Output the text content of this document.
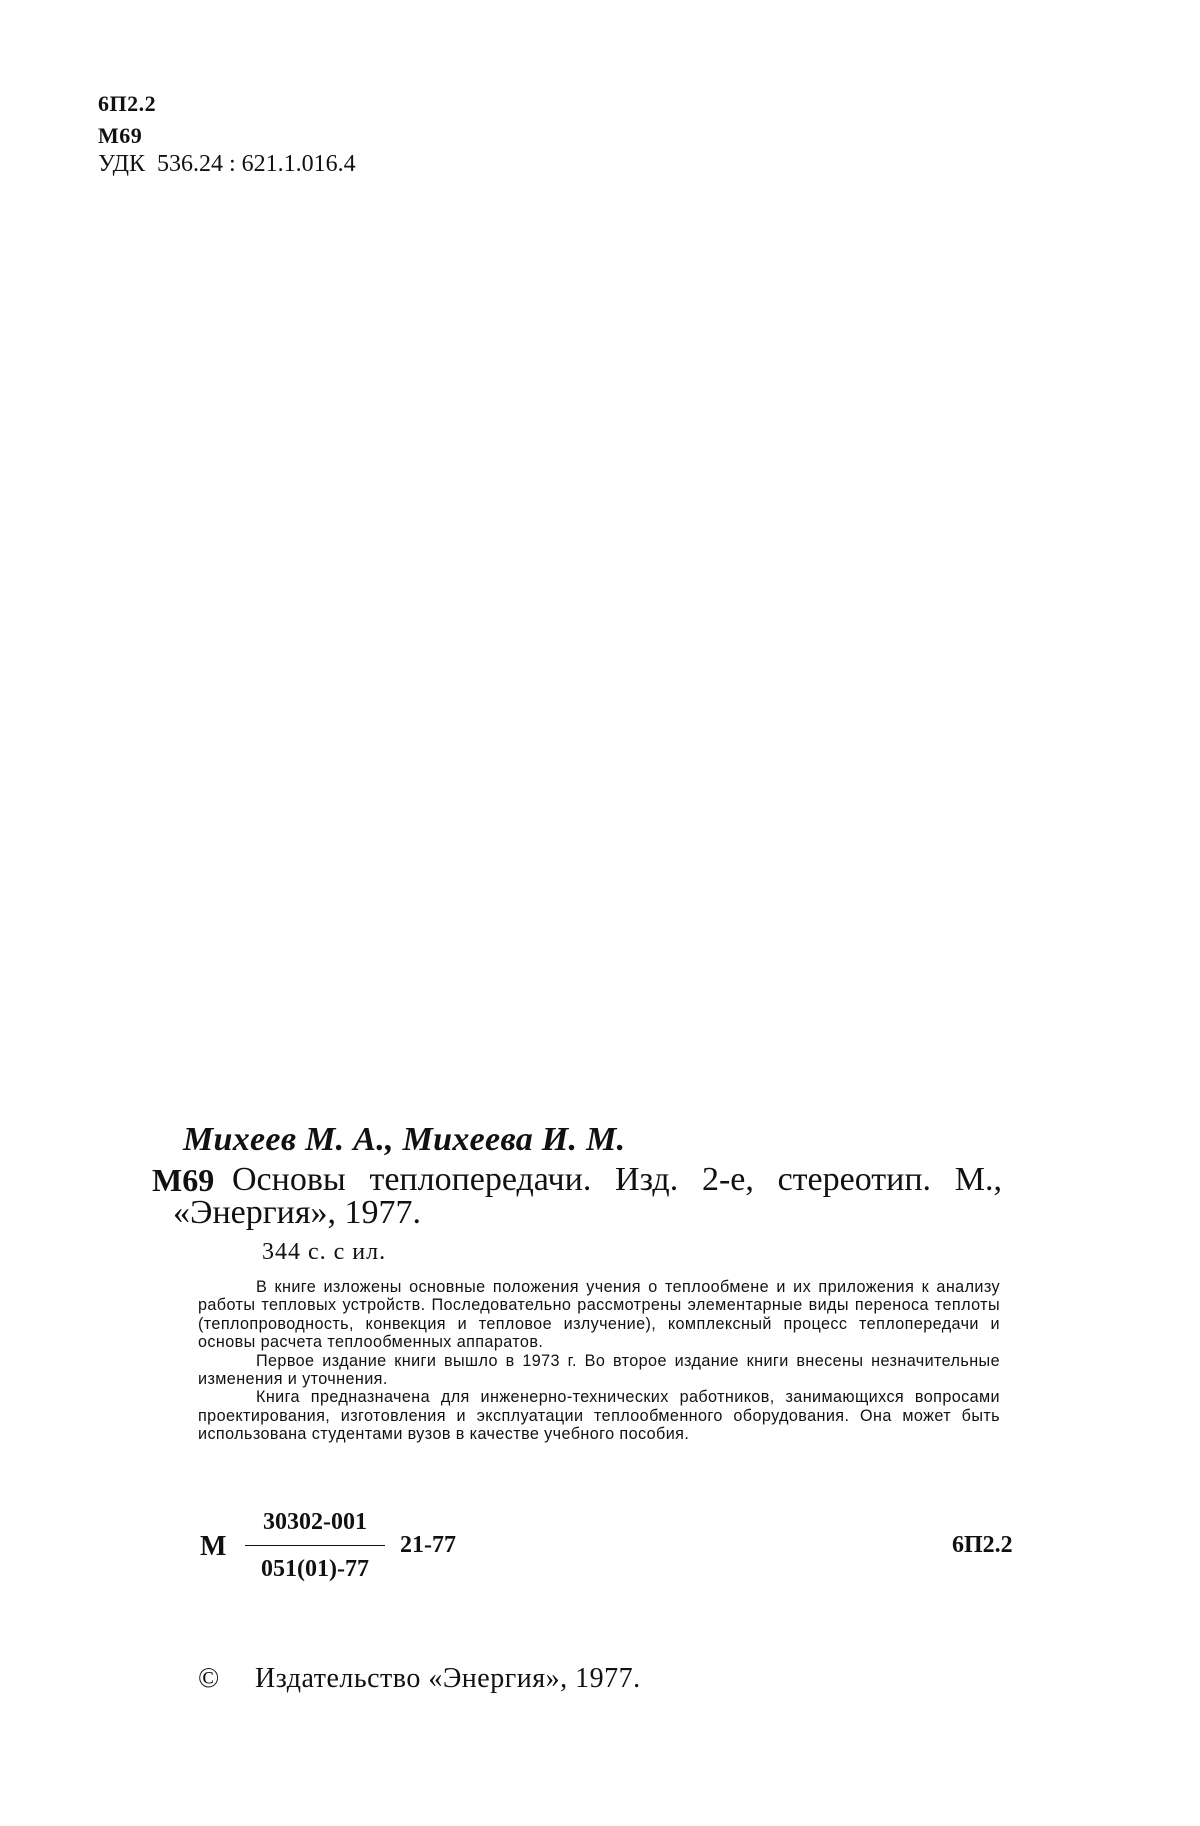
6П2.2
М69
УДК  536.24 : 621.1.016.4
Михеев М. А., Михеева И. М.
М69 Основы теплопередачи. Изд. 2-е, стереотип. М.,
«Энергия», 1977.
344 с. с ил.

В книге изложены основные положения учения о теплообмене и их приложения к анализу работы тепловых устройств. Последовательно рассмотрены элементарные виды переноса теплоты (теплопроводность, конвекция и тепловое излучение), комплексный процесс теплопередачи и основы расчета теплообменных аппаратов.

Первое издание книги вышло в 1973 г. Во второе издание книги внесены незначительные изменения и уточнения.

Книга предназначена для инженерно-технических работников, занимающихся вопросами проектирования, изготовления и эксплуатации теплообменного оборудования. Она может быть использована студентами вузов в качестве учебного пособия.

М
30302-001
051(01)-77
21-77	6П2.2
© Издательство «Энергия», 1977.
